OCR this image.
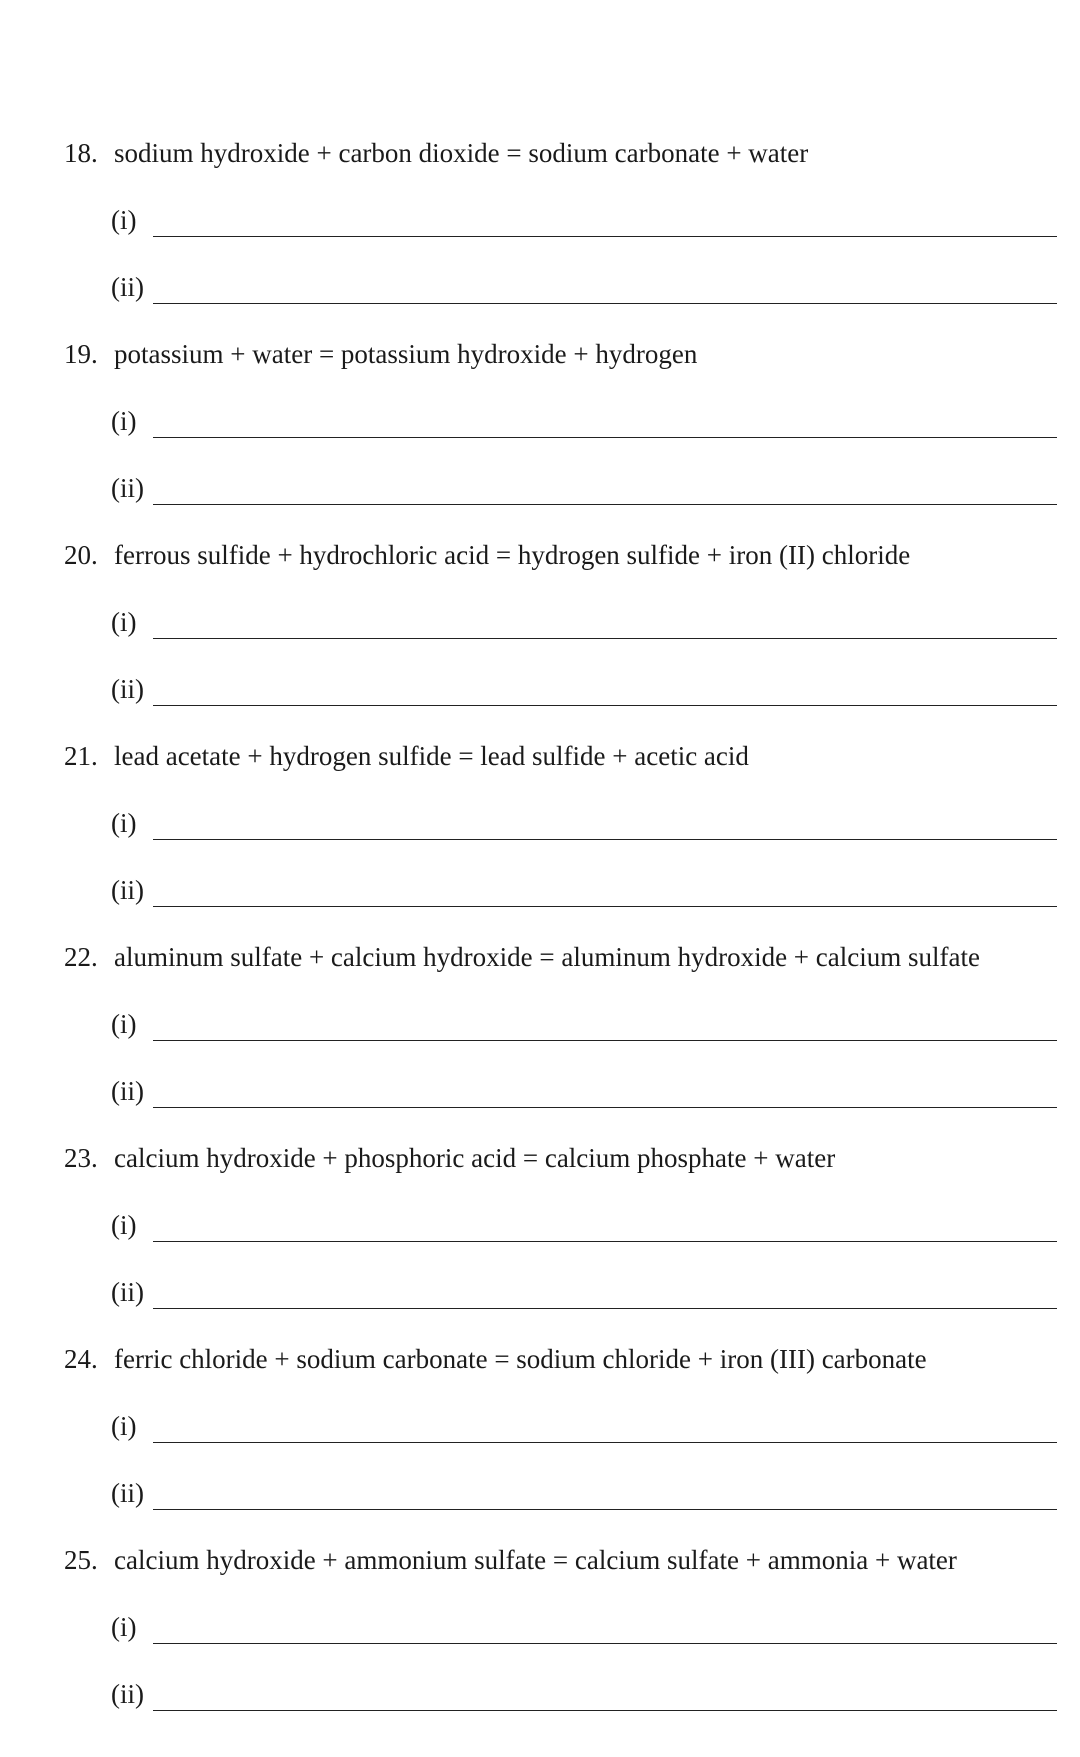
18. sodium hydroxide + carbon dioxide = sodium carbonate + water
(i)
(ii)
19. potassium + water = potassium hydroxide + hydrogen
(i)
(ii)
20. ferrous sulfide + hydrochloric acid = hydrogen sulfide + iron (II) chloride
(i)
(ii)
21. lead acetate + hydrogen sulfide = lead sulfide + acetic acid
(i)
(ii)
22. aluminum sulfate + calcium hydroxide = aluminum hydroxide + calcium sulfate
(i)
(ii)
23. calcium hydroxide + phosphoric acid = calcium phosphate + water
(i)
(ii)
24. ferric chloride + sodium carbonate = sodium chloride + iron (III) carbonate
(i)
(ii)
25. calcium hydroxide + ammonium sulfate = calcium sulfate + ammonia + water
(i)
(ii)
